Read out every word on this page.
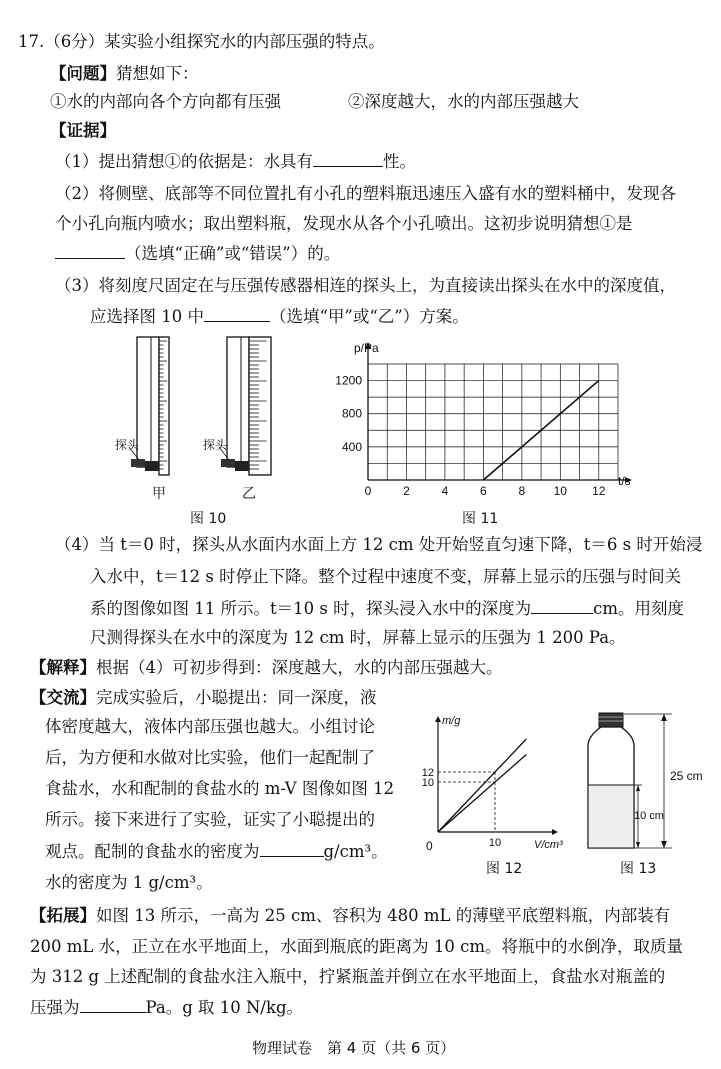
17.（6分）某实验小组探究水的内部压强的特点。
【问题】猜想如下：
①水的内部向各个方向都有压强	②深度越大，水的内部压强越大
【证据】
（1）提出猜想①的依据是：水具有	性。
（2）将侧壁、底部等不同位置扎有小孔的塑料瓶迅速压入盛有水的塑料桶中，发现各
个小孔向瓶内喷水；取出塑料瓶，发现水从各个小孔喷出。这初步说明猜想①是
（选填“正确”或“错误”）的。
（3）将刻度尺固定在与压强传感器相连的探头上，为直接读出探头在水中的深度值，
应选择图 10 中	（选填“甲”或“乙”）方案。
探头	探头
甲	乙
图 10
0	2	4	6	8 10 12
400
800
1200
p/Pa
t/s
图 11
（4）当 t＝0 时，探头从水面内水面上方 12 cm 处开始竖直匀速下降，t＝6 s 时开始浸
入水中，t＝12 s 时停止下降。整个过程中速度不变，屏幕上显示的压强与时间关
系的图像如图 11 所示。t＝10 s 时，探头浸入水中的深度为	cm。用刻度
尺测得探头在水中的深度为 12 cm 时，屏幕上显示的压强为 1 200 Pa。
【解释】根据（4）可初步得到：深度越大，水的内部压强越大。
【交流】完成实验后，小聪提出：同一深度，液
体密度越大，液体内部压强也越大。小组讨论
后，为方便和水做对比实验，他们一起配制了
食盐水，水和配制的食盐水的 m-V 图像如图 12
所示。接下来进行了实验，证实了小聪提出的
观点。配制的食盐水的密度为	g/cm³。
水的密度为 1 g/cm³。
10
12
10
m/g
V/cm³
0
图 12
25 cm
10 cm
图 13
【拓展】如图 13 所示，一高为 25 cm、容积为 480 mL 的薄壁平底塑料瓶，内部装有
200 mL 水，正立在水平地面上，水面到瓶底的距离为 10 cm。将瓶中的水倒净，取质量
为 312 g 上述配制的食盐水注入瓶中，拧紧瓶盖并倒立在水平地面上，食盐水对瓶盖的
压强为	Pa。g 取 10 N/kg。
物理试卷　第 4 页（共 6 页）
